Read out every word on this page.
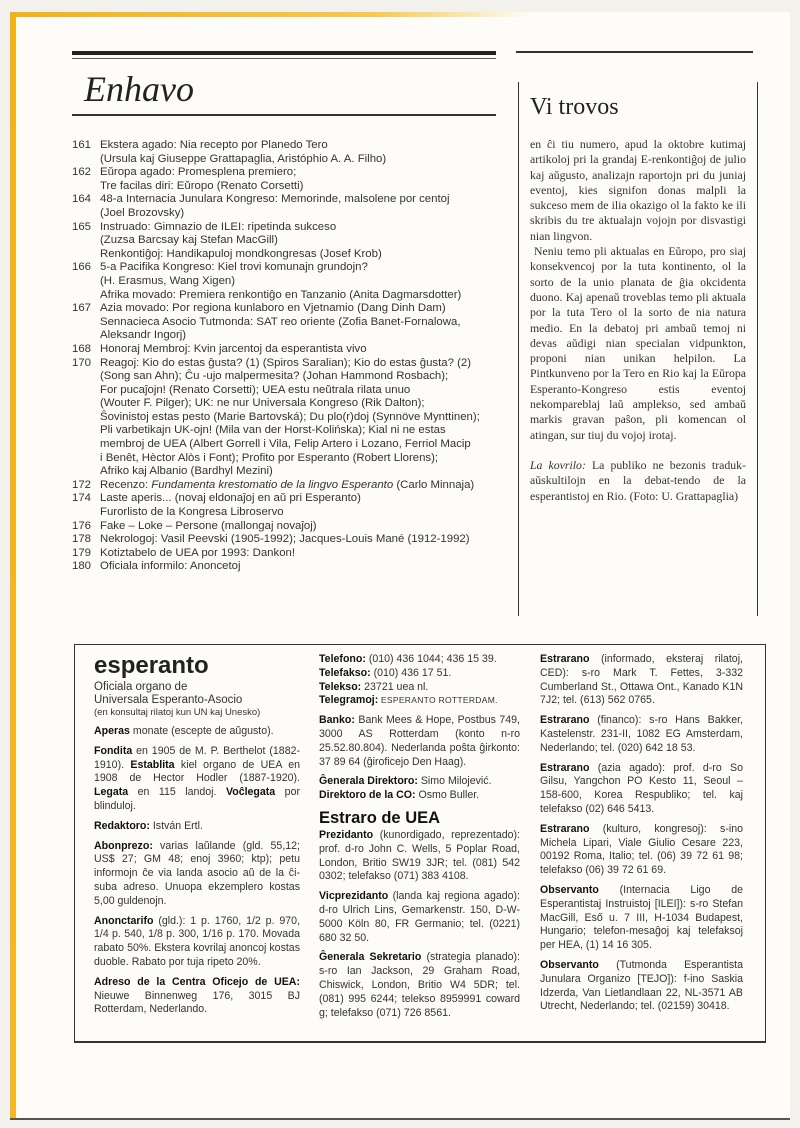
Enhavo
161 Ekstera agado: Nia recepto por Planedo Tero
(Ursula kaj Giuseppe Grattapaglia, Aristóphio A. A. Filho)
162 Eŭropa agado: Promesplena premiero;
Tre facilas diri: Eŭropo (Renato Corsetti)
164 48-a Internacia Junulara Kongreso: Memorinde, malsolene por centoj
(Joel Brozovsky)
165 Instruado: Gimnazio de ILEI: ripetinda sukceso
(Zuzsa Barcsay kaj Stefan MacGill)
Renkontiĝoj: Handikapuloj mondkongresas (Josef Krob)
166 5-a Pacifika Kongreso: Kiel trovi komunajn grundojn?
(H. Erasmus, Wang Xigen)
Afrika movado: Premiera renkontiĝo en Tanzanio (Anita Dagmarsdotter)
167 Azia movado: Por regiona kunlaboro en Vjetnamio (Dang Dinh Dam)
Sennacieca Asocio Tutmonda: SAT reo oriente (Zofia Banet-Fornalowa,
Aleksandr Ingorj)
168 Honoraj Membroj: Kvin jarcentoj da esperantista vivo
170 Reagoj: Kio do estas ĝusta? (1) (Spiros Saralian); Kio do estas ĝusta? (2)
(Song san Ahn); Ĉu -ujo malpermesita? (Johan Hammond Rosbach);
For pucaĵojn! (Renato Corsetti); UEA estu neŭtrala rilata unuo
(Wouter F. Pilger); UK: ne nur Universala Kongreso (Rik Dalton);
Ŝovinistoj estas pesto (Marie Bartovská); Du plo(r)doj (Synnöve Mynttinen);
Pli varbetikajn UK-ojn! (Mila van der Horst-Kolińska); Kial ni ne estas
membroj de UEA (Albert Gorrell i Vila, Felip Artero i Lozano, Ferriol Macip
i Benêt, Hèctor Alòs i Font); Profito por Esperanto (Robert Llorens);
Afriko kaj Albanio (Bardhyl Mezini)
172 Recenzo: Fundamenta krestomatio de la lingvo Esperanto (Carlo Minnaja)
174 Laste aperis... (novaj eldonaĵoj en aŭ pri Esperanto)
Furorlisto de la Kongresa Libroservo
176 Fake – Loke – Persone (mallongaj novaĵoj)
178 Nekrologoj: Vasil Peevski (1905-1992); Jacques-Louis Mané (1912-1992)
179 Kotiztabelo de UEA por 1993: Dankon!
180 Oficiala informilo: Anoncetoj
Vi trovos

en ĉi tiu numero, apud la oktobre kutimaj artikoloj pri la grandaj E-renkontiĝoj de julio kaj aŭgusto, analizajn raportojn pri du juniaj eventoj, kies signifon donas malpli la sukceso mem de ilia okazigo ol la fakto ke ili skribis du tre aktualajn vojojn por disvastigi nian lingvon.

Neniu temo pli aktualas en Eŭropo, pro siaj konsekvencoj por la tuta kontinento, ol la sorto de la unio planata de ĝia okcidenta duono. Kaj apenaŭ troveblas temo pli aktuala por la tuta Tero ol la sorto de nia natura medio. En la debatoj pri ambaŭ temoj ni devas aŭdigi nian specialan vidpunkton, proponi nian unikan helpilon. La Pintkunveno por la Tero en Rio kaj la Eŭropa Esperanto-Kongreso estis eventoj nekompareblaj laŭ amplekso, sed ambaŭ markis gravan paŝon, pli komencan ol atingan, sur tiuj du vojoj irotaj.

La kovrilo: La publiko ne bezonis traduk-aŭskultilojn en la debat-tendo de la esperantistoj en Rio. (Foto: U. Grattapaglia)

esperanto
Oficiala organo de
Universala Esperanto-Asocio

(en konsultaj rilatoj kun UN kaj Unesko)

Aperas monate (escepte de aŭgusto).

Fondita en 1905 de M. P. Berthelot (1882-1910). Establita kiel organo de UEA en 1908 de Hector Hodler (1887-1920). Legata en 115 landoj. Voĉlegata por blinduloj.

Redaktoro: István Ertl.

Abonprezo: varias laŭlande (gld. 55,12; US$ 27; GM 48; enoj 3960; ktp); petu informojn ĉe via landa asocio aŭ de la ĉi-suba adreso. Unuopa ekzemplero kostas 5,00 guldenojn.

Anonctarifo (gld.): 1 p. 1760, 1/2 p. 970, 1/4 p. 540, 1/8 p. 300, 1/16 p. 170. Movada rabato 50%. Ekstera kovrilaj anoncoj kostas duoble. Rabato por tuja ripeto 20%.

Adreso de la Centra Oficejo de UEA: Nieuwe Binnenweg 176, 3015 BJ Rotterdam, Nederlando.

Telefono: (010) 436 1044; 436 15 39.
Telefakso: (010) 436 17 51.
Telekso: 23721 uea nl.
Telegramoj: ESPERANTO ROTTERDAM.

Banko: Bank Mees & Hope, Postbus 749, 3000 AS Rotterdam (konto n-ro 25.52.80.804). Nederlanda poŝta ĝirkonto: 37 89 64 (ĝiroficejo Den Haag).

Ĝenerala Direktoro: Simo Milojević.
Direktoro de la CO: Osmo Buller.

Estraro de UEA

Prezidanto (kunordigado, reprezentado): prof. d-ro John C. Wells, 5 Poplar Road, London, Britio SW19 3JR; tel. (081) 542 0302; telefakso (071) 383 4108.

Vicprezidanto (landa kaj regiona agado): d-ro Ulrich Lins, Gemarkenstr. 150, D-W-5000 Köln 80, FR Germanio; tel. (0221) 680 32 50.

Ĝenerala Sekretario (strategia planado): s-ro Ian Jackson, 29 Graham Road, Chiswick, London, Britio W4 5DR; tel. (081) 995 6244; telekso 8959991 coward g; telefakso (071) 726 8561.

Estrarano (informado, eksteraj rilatoj, CED): s-ro Mark T. Fettes, 3-332 Cumberland St., Ottawa Ont., Kanado K1N 7J2; tel. (613) 562 0765.

Estrarano (financo): s-ro Hans Bakker, Kastelenstr. 231-II, 1082 EG Amsterdam, Nederlando; tel. (020) 642 18 53.

Estrarano (azia agado): prof. d-ro So Gilsu, Yangchon PO Kesto 11, Seoul – 158-600, Korea Respubliko; tel. kaj telefakso (02) 646 5413.

Estrarano (kulturo, kongresoj): s-ino Michela Lipari, Viale Giulio Cesare 223, 00192 Roma, Italio; tel. (06) 39 72 61 98; telefakso (06) 39 72 61 69.

Observanto (Internacia Ligo de Esperantistaj Instruistoj [ILEI]): s-ro Stefan MacGill, Eső u. 7 III, H-1034 Budapest, Hungario; telefon-mesaĝoj kaj telefaksoj per HEA, (1) 14 16 305.

Observanto (Tutmonda Esperantista Junulara Organizo [TEJO]): f-ino Saskia Idzerda, Van Lietlandlaan 22, NL-3571 AB Utrecht, Nederlando; tel. (02159) 30418.
